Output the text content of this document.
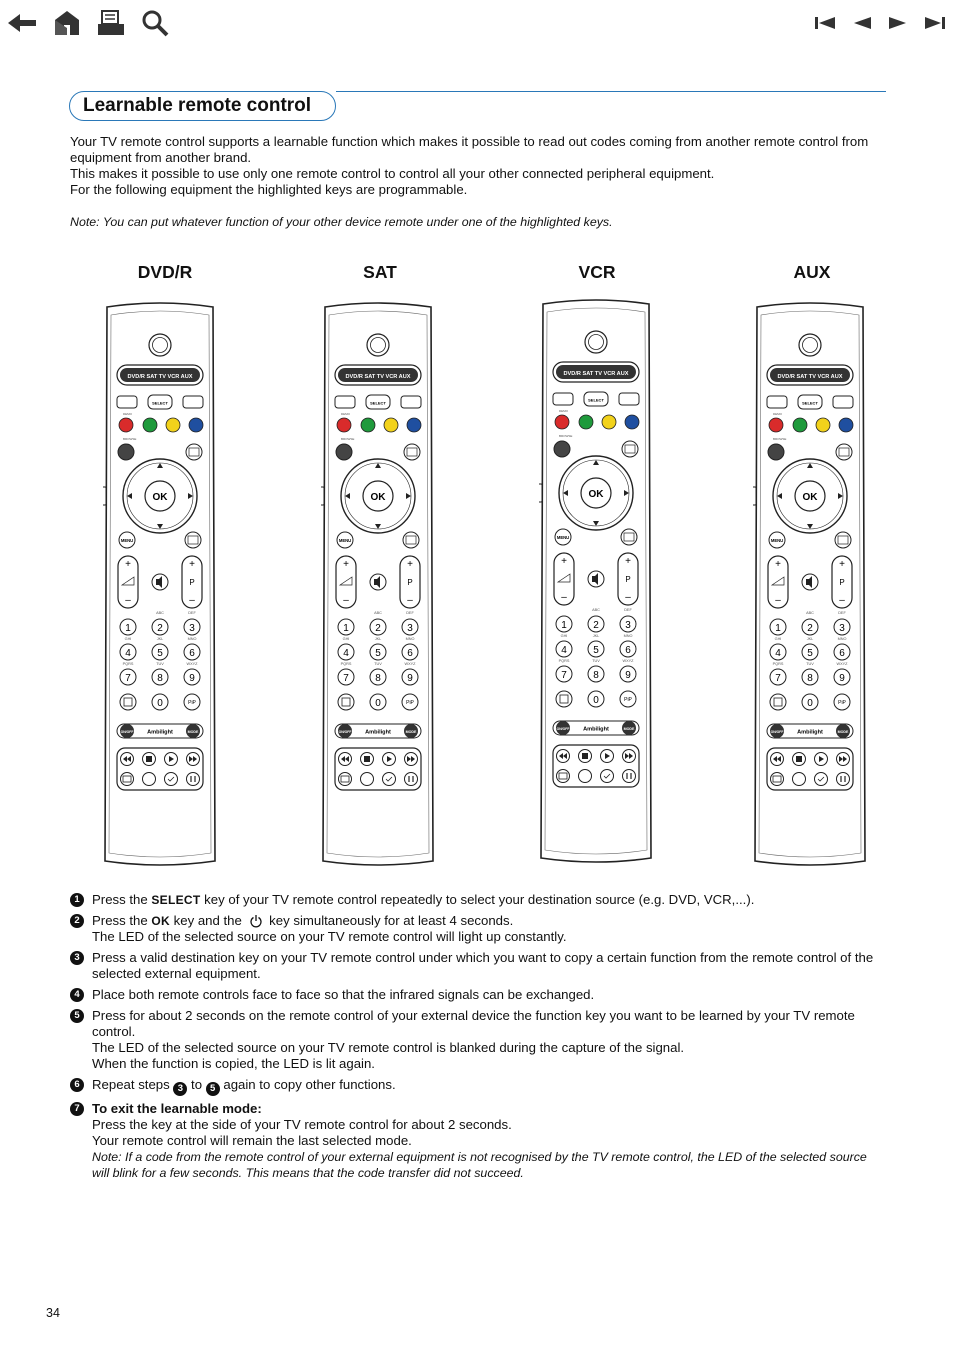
Learnable remote control

Your TV remote control supports a learnable function which makes it possible to read out codes coming from another remote control from equipment from another brand.

This makes it possible to use only one remote control to control all your other connected peripheral equipment.

For the following equipment the highlighted keys are programmable.

Note: You can put whatever function of your other device remote under one of the highlighted keys.
DVD/R	SAT	VCR	AUX
DVD/R SAT TV VCR AUX
SELECT
DEMO
BROWSE
OK
MENU
+
–
+
P
–
1	2	3
4	5	6
7	8	9
ABC	DEF
GHI	JKL	MNO
PQRS	TUV	WXYZ
0	PiP
ON/OFF Ambilight	MODE
DVD/R SAT TV VCR AUX
SELECT
DEMO
BROWSE
OK
MENU
+
–
+
P
–
1	2	3
4	5	6
7	8	9
ABC	DEF
GHI	JKL	MNO
PQRS	TUV	WXYZ
0	PiP
ON/OFF Ambilight	MODE
DVD/R SAT TV VCR AUX
SELECT
DEMO
BROWSE
OK
MENU
+
–
+
P
–
1	2	3
4	5	6
7	8	9
ABC	DEF
GHI	JKL	MNO
PQRS	TUV	WXYZ
0	PiP
ON/OFF Ambilight	MODE
DVD/R SAT TV VCR AUX
SELECT
DEMO
BROWSE
OK
MENU
+
–
+
P
–
1	2	3
4	5	6
7	8	9
ABC	DEF
GHI	JKL	MNO
PQRS	TUV	WXYZ
0	PiP
ON/OFF Ambilight	MODE
1 Press the SELECT key of your TV remote control repeatedly to select your destination source (e.g. DVD, VCR,...).
2 Press the OK key and the  key simultaneously for at least 4 seconds.
The LED of the selected source on your TV remote control will light up constantly.
3 Press a valid destination key on your TV remote control under which you want to copy a certain function from the remote control of the selected external equipment.
4 Place both remote controls face to face so that the infrared signals can be exchanged.
5 Press for about 2 seconds on the remote control of your external device the function key you want to be learned by your TV remote control.
The LED of the selected source on your TV remote control is blanked during the capture of the signal.
When the function is copied, the LED is lit again.
6 Repeat steps 3 to 5 again to copy other functions.
7 To exit the learnable mode:
Press the key at the side of your TV remote control for about 2 seconds.
Your remote control will remain the last selected mode.
Note: If a code from the remote control of your external equipment is not recognised by the TV remote control, the LED of the selected source will blink for a few seconds. This means that the code transfer did not succeed.
34
